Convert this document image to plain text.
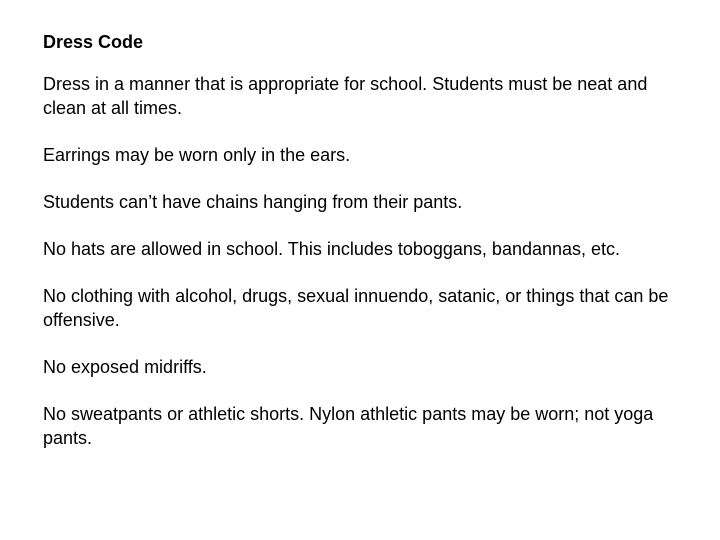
Dress Code
Dress in a manner that is appropriate for school. Students must be neat and clean at all times.
Earrings may be worn only in the ears.
Students can’t have chains hanging from their pants.
No hats are allowed in school. This includes toboggans, bandannas, etc.
No clothing with alcohol, drugs, sexual innuendo, satanic, or things that can be offensive.
No exposed midriffs.
No sweatpants or athletic shorts. Nylon athletic pants may be worn; not yoga pants.
